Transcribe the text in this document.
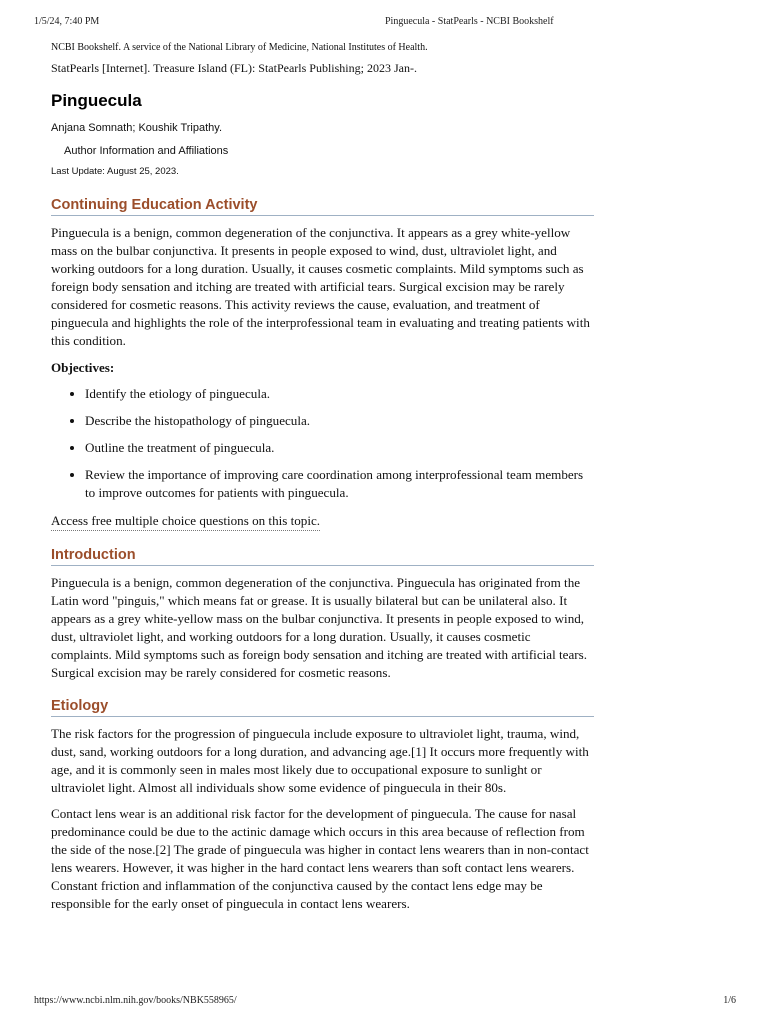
1/5/24, 7:40 PM	Pinguecula - StatPearls - NCBI Bookshelf
NCBI Bookshelf. A service of the National Library of Medicine, National Institutes of Health.
StatPearls [Internet]. Treasure Island (FL): StatPearls Publishing; 2023 Jan-.
Pinguecula
Anjana Somnath; Koushik Tripathy.
Author Information and Affiliations
Last Update: August 25, 2023.
Continuing Education Activity

Pinguecula is a benign, common degeneration of the conjunctiva. It appears as a grey white-yellow mass on the bulbar conjunctiva. It presents in people exposed to wind, dust, ultraviolet light, and working outdoors for a long duration. Usually, it causes cosmetic complaints. Mild symptoms such as foreign body sensation and itching are treated with artificial tears. Surgical excision may be rarely considered for cosmetic reasons. This activity reviews the cause, evaluation, and treatment of pinguecula and highlights the role of the interprofessional team in evaluating and treating patients with this condition.

Objectives:
• Identify the etiology of pinguecula.
• Describe the histopathology of pinguecula.
• Outline the treatment of pinguecula.
• Review the importance of improving care coordination among interprofessional team members to improve outcomes for patients with pinguecula.
Access free multiple choice questions on this topic.
Introduction

Pinguecula is a benign, common degeneration of the conjunctiva. Pinguecula has originated from the Latin word "pinguis," which means fat or grease. It is usually bilateral but can be unilateral also. It appears as a grey white-yellow mass on the bulbar conjunctiva. It presents in people exposed to wind, dust, ultraviolet light, and working outdoors for a long duration. Usually, it causes cosmetic complaints. Mild symptoms such as foreign body sensation and itching are treated with artificial tears. Surgical excision may be rarely considered for cosmetic reasons.

Etiology

The risk factors for the progression of pinguecula include exposure to ultraviolet light, trauma, wind, dust, sand, working outdoors for a long duration, and advancing age.[1] It occurs more frequently with age, and it is commonly seen in males most likely due to occupational exposure to sunlight or ultraviolet light. Almost all individuals show some evidence of pinguecula in their 80s.

Contact lens wear is an additional risk factor for the development of pinguecula. The cause for nasal predominance could be due to the actinic damage which occurs in this area because of reflection from the side of the nose.[2] The grade of pinguecula was higher in contact lens wearers than in non-contact lens wearers. However, it was higher in the hard contact lens wearers than soft contact lens wearers. Constant friction and inflammation of the conjunctiva caused by the contact lens edge may be responsible for the early onset of pinguecula in contact lens wearers.

https://www.ncbi.nlm.nih.gov/books/NBK558965/	1/6
